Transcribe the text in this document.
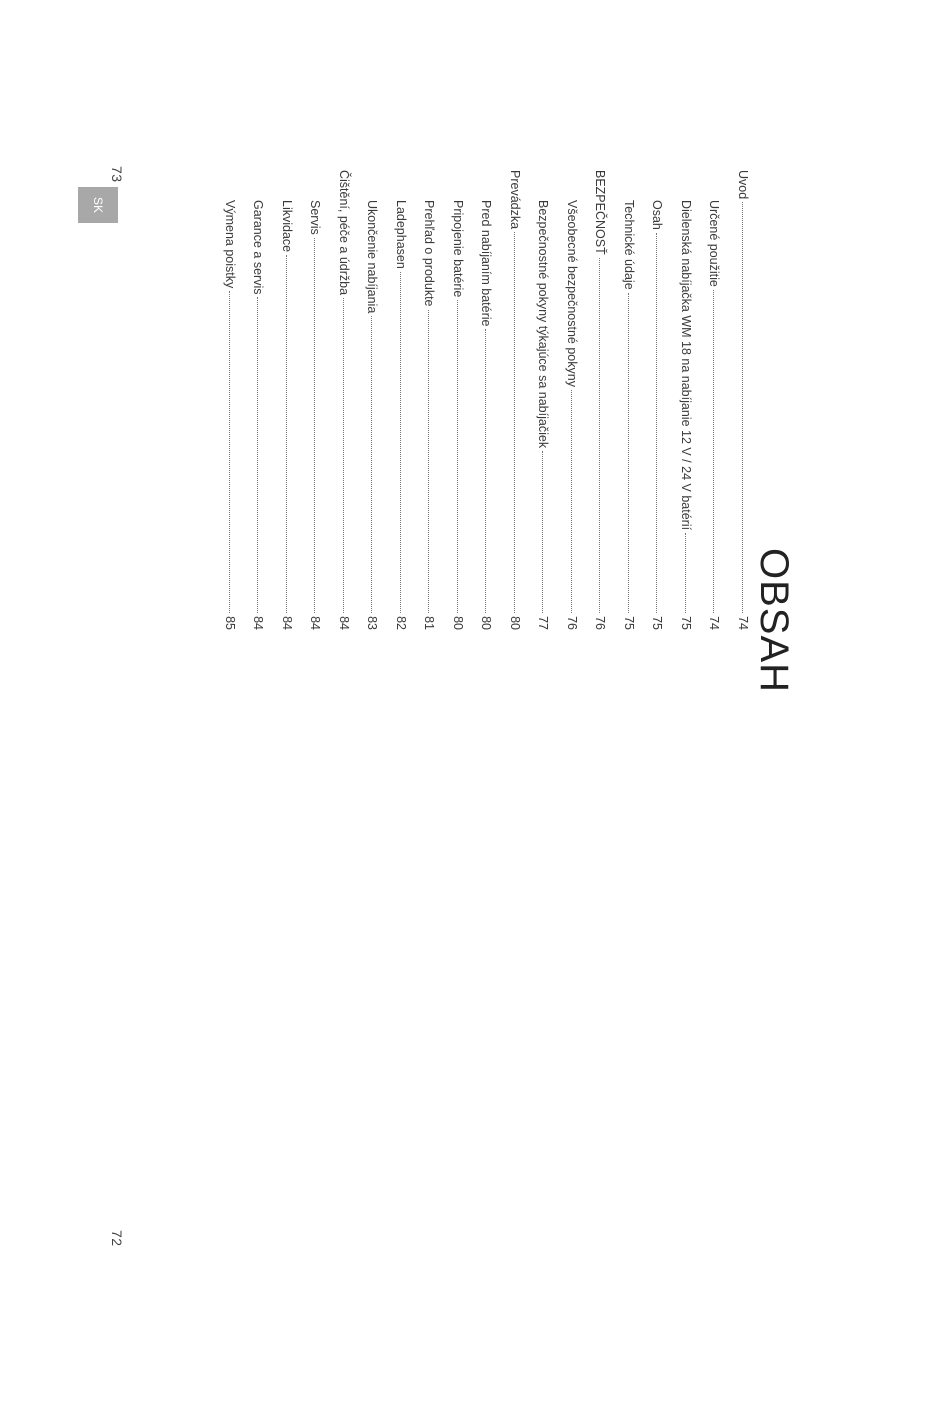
72
73
SK
OBSAH
Uvod
74
Určené použitie
74
Dielenská nabíjačka WM 18 na nabíjanie 12 V / 24 V batérií
75
Osah
75
Technické údaje
75
BEZPEČNOSŤ
76
Všeobecné bezpečnostné pokyny
76
Bezpečnostné pokyny týkajúce sa nabíjačiek
77
Prevádzka
80
Pred nabíjaním batérie
80
Pripojenie batérie
80
Prehľad o produkte
81
Ladephasen
82
Ukončenie nabíjania
83
Čištění, péče a údržba
84
Servis
84
Likvidace
84
Garance a servis
84
Výmena poistky
85
